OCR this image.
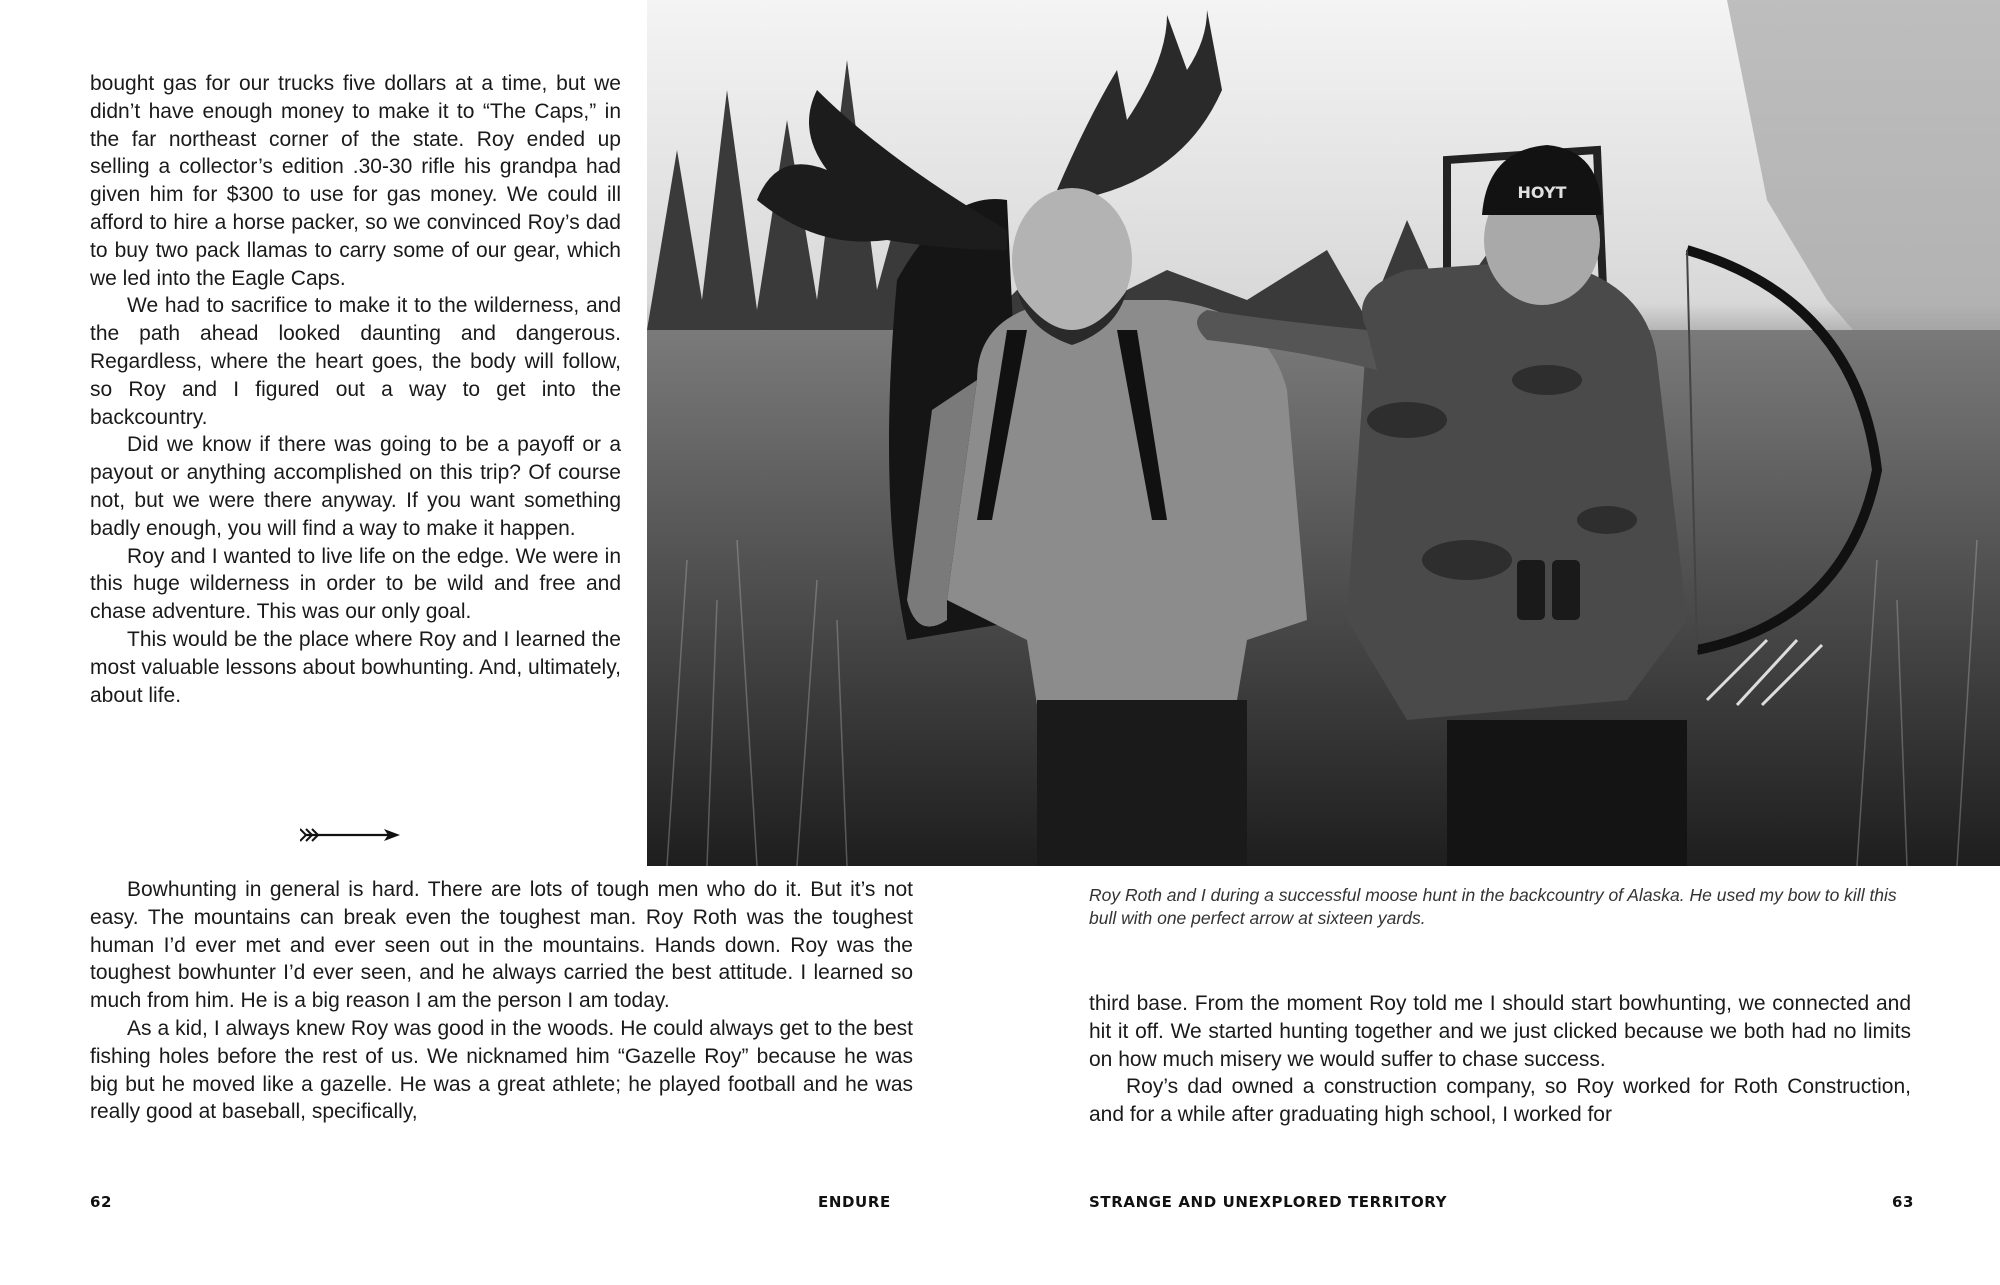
bought gas for our trucks five dollars at a time, but we didn’t have enough money to make it to “The Caps,” in the far northeast corner of the state. Roy ended up selling a collector’s edition .30-30 rifle his grandpa had given him for $300 to use for gas money. We could ill afford to hire a horse packer, so we convinced Roy’s dad to buy two pack llamas to carry some of our gear, which we led into the Eagle Caps.

We had to sacrifice to make it to the wilderness, and the path ahead looked daunting and dangerous. Regardless, where the heart goes, the body will follow, so Roy and I figured out a way to get into the backcountry.

Did we know if there was going to be a payoff or a payout or anything accomplished on this trip? Of course not, but we were there anyway. If you want something badly enough, you will find a way to make it happen.

Roy and I wanted to live life on the edge. We were in this huge wilderness in order to be wild and free and chase adventure. This was our only goal.

This would be the place where Roy and I learned the most valuable lessons about bowhunting. And, ultimately, about life.

Bowhunting in general is hard. There are lots of tough men who do it. But it’s not easy. The mountains can break even the toughest man. Roy Roth was the toughest human I’d ever met and ever seen out in the mountains. Hands down. Roy was the toughest bowhunter I’d ever seen, and he always carried the best attitude. I learned so much from him. He is a big reason I am the person I am today.

As a kid, I always knew Roy was good in the woods. He could always get to the best fishing holes before the rest of us. We nicknamed him “Gazelle Roy” because he was big but he moved like a gazelle. He was a great athlete; he played football and he was really good at baseball, specifically,

HOYT

Roy Roth and I during a successful moose hunt in the backcountry of Alaska. He used my bow to kill this bull with one perfect arrow at sixteen yards.

third base. From the moment Roy told me I should start bowhunting, we connected and hit it off. We started hunting together and we just clicked because we both had no limits on how much misery we would suffer to chase success.

Roy’s dad owned a construction company, so Roy worked for Roth Construction, and for a while after graduating high school, I worked for

62	ENDURE	STRANGE AND UNEXPLORED TERRITORY	63
